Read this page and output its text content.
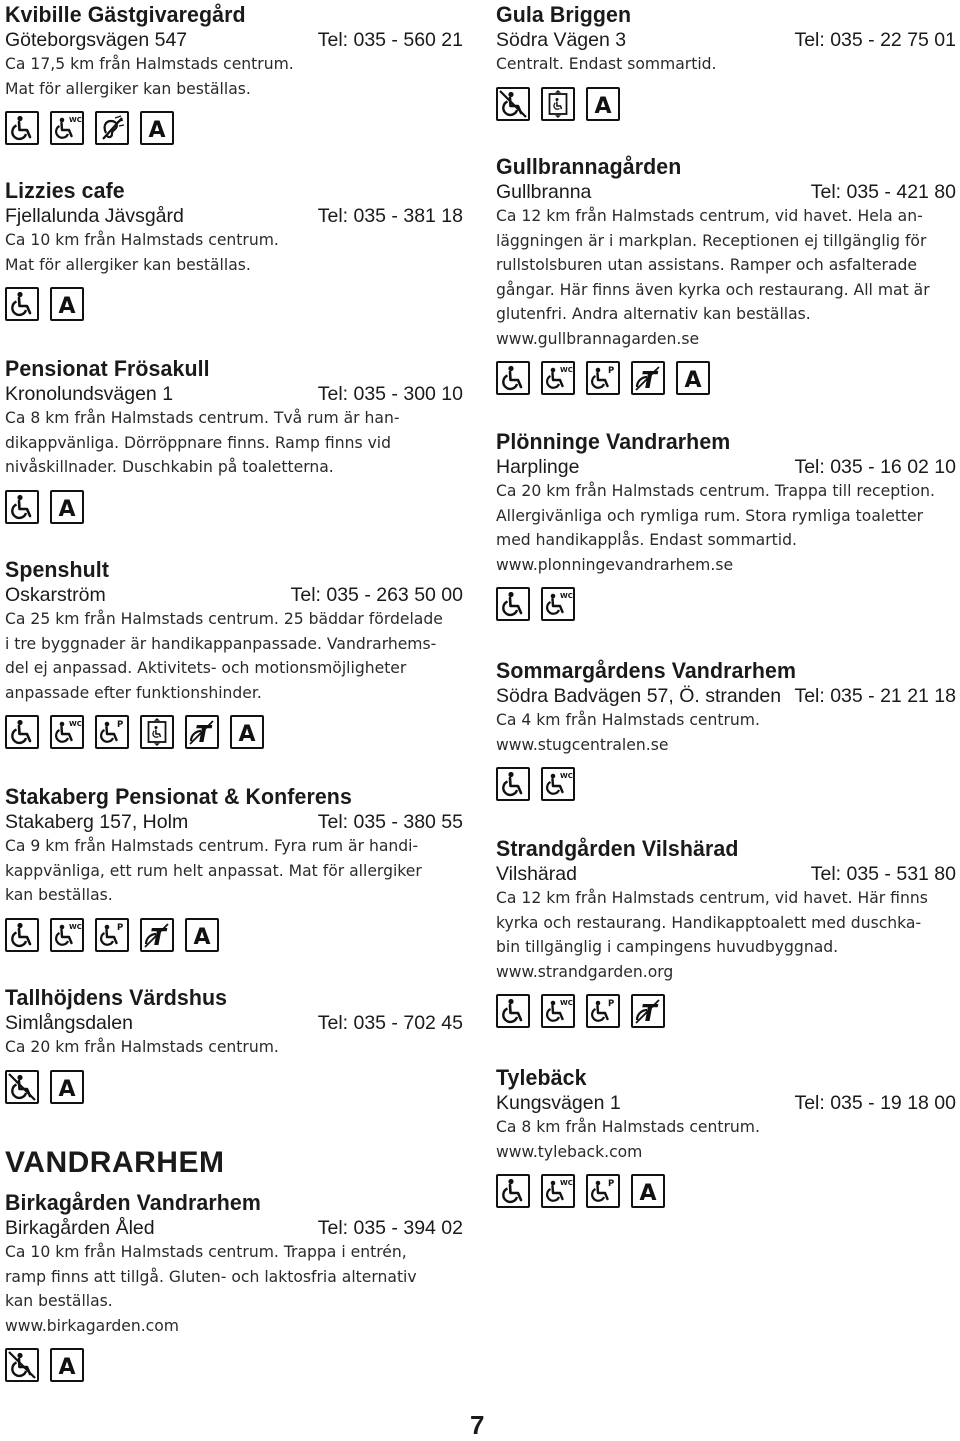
Kvibille Gästgivaregård
Göteborgsvägen 547	Tel: 035 - 560 21
Ca 17,5 km från Halmstads centrum.
Mat för allergiker kan beställas.
WC	A
Lizzies cafe
Fjellalunda Jävsgård	Tel: 035 - 381 18
Ca 10 km från Halmstads centrum.
Mat för allergiker kan beställas.
A
Pensionat Frösakull
Kronolundsvägen 1	Tel: 035 - 300 10
Ca 8 km från Halmstads centrum. Två rum är han-
dikappvänliga. Dörröppnare finns. Ramp finns vid
nivåskillnader. Duschkabin på toaletterna.
A
Spenshult
Oskarström	Tel: 035 - 263 50 00
Ca 25 km från Halmstads centrum. 25 bäddar fördelade
i tre byggnader är handikappanpassade. Vandrarhems-
del ej anpassad. Aktivitets- och motionsmöjligheter
anpassade efter funktionshinder.
WC	P	T A
Stakaberg Pensionat & Konferens
Stakaberg 157, Holm	Tel: 035 - 380 55
Ca 9 km från Halmstads centrum. Fyra rum är handi-
kappvänliga, ett rum helt anpassat. Mat för allergiker
kan beställas.
WC	P T A
Tallhöjdens Värdshus
Simlångsdalen	Tel: 035 - 702 45
Ca 20 km från Halmstads centrum.
A
VANDRARHEM
Birkagården Vandrarhem
Birkagården Åled	Tel: 035 - 394 02
Ca 10 km från Halmstads centrum. Trappa i entrén,
ramp finns att tillgå. Gluten- och laktosfria alternativ
kan beställas.
www.birkagarden.com
A
Gula Briggen
Södra Vägen 3	Tel: 035 - 22 75 01
Centralt. Endast sommartid.
A
Gullbrannagården
Gullbranna	Tel: 035 - 421 80
Ca 12 km från Halmstads centrum, vid havet. Hela an-
läggningen är i markplan. Receptionen ej tillgänglig för
rullstolsburen utan assistans. Ramper och asfalterade
gångar. Här finns även kyrka och restaurang. All mat är
glutenfri. Andra alternativ kan beställas.
www.gullbrannagarden.se
WC	P T A
Plönninge Vandrarhem
Harplinge	Tel: 035 - 16 02 10
Ca 20 km från Halmstads centrum. Trappa till reception.
Allergivänliga och rymliga rum. Stora rymliga toaletter
med handikapplås. Endast sommartid.
www.plonningevandrarhem.se
WC
Sommargårdens Vandrarhem
Södra Badvägen 57, Ö. stranden Tel: 035 - 21 21 18
Ca 4 km från Halmstads centrum.
www.stugcentralen.se
WC
Strandgården Vilshärad
Vilshärad	Tel: 035 - 531 80
Ca 12 km från Halmstads centrum, vid havet. Här finns
kyrka och restaurang. Handikapptoalett med duschka-
bin tillgänglig i campingens huvudbyggnad.
www.strandgarden.org
WC	P T
Tylebäck
Kungsvägen 1	Tel: 035 - 19 18 00
Ca 8 km från Halmstads centrum.
www.tyleback.com
WC	P A
7
